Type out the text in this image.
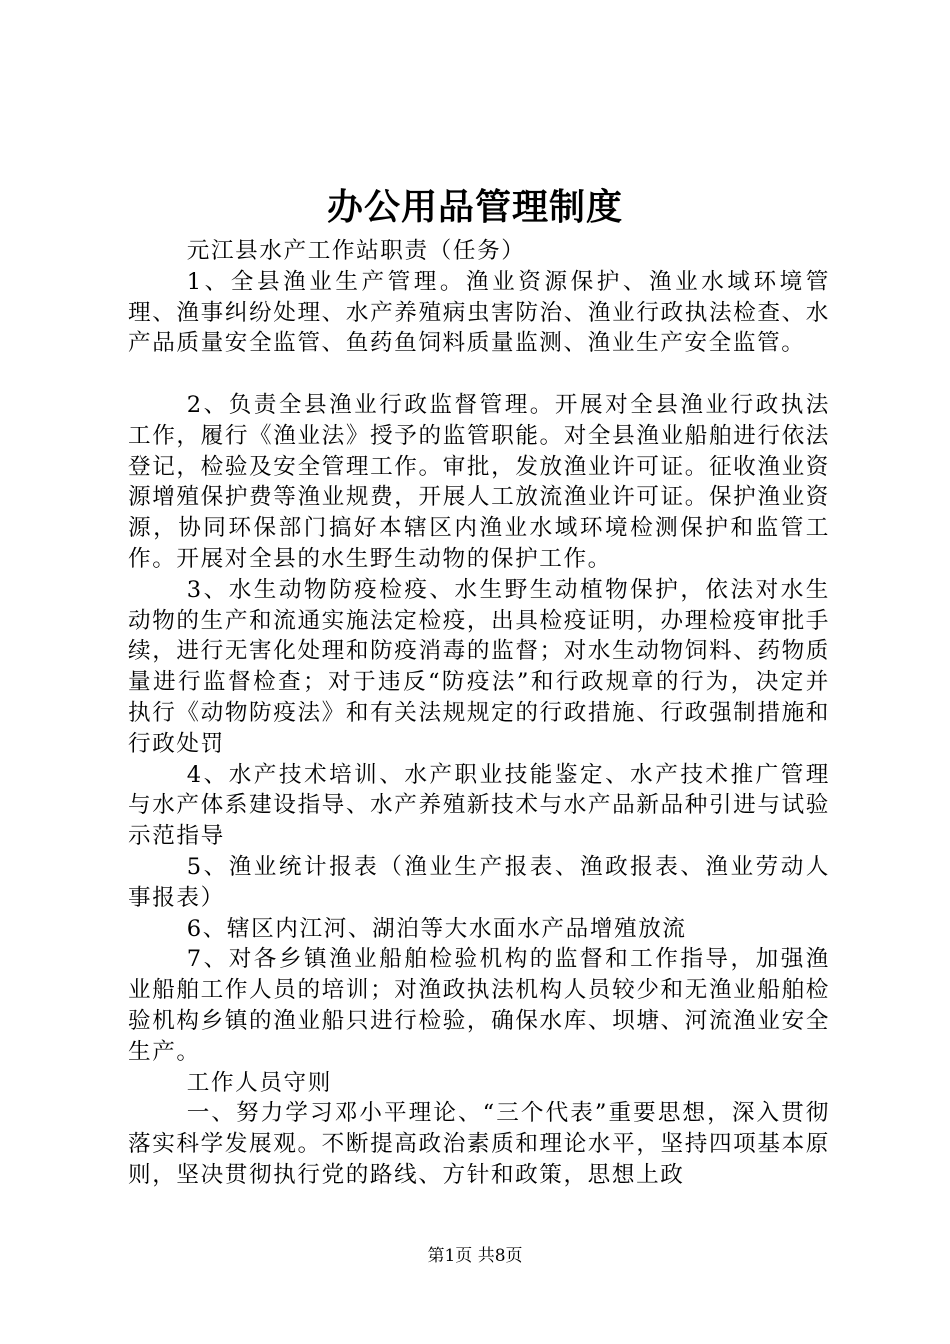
办公用品管理制度

元江县水产工作站职责（任务）

1、全县渔业生产管理。渔业资源保护、渔业水域环境管理、渔事纠纷处理、水产养殖病虫害防治、渔业行政执法检查、水产品质量安全监管、鱼药鱼饲料质量监测、渔业生产安全监管。

2、负责全县渔业行政监督管理。开展对全县渔业行政执法工作，履行《渔业法》授予的监管职能。对全县渔业船舶进行依法登记，检验及安全管理工作。审批，发放渔业许可证。征收渔业资源增殖保护费等渔业规费，开展人工放流渔业许可证。保护渔业资源，协同环保部门搞好本辖区内渔业水域环境检测保护和监管工作。开展对全县的水生野生动物的保护工作。

3、水生动物防疫检疫、水生野生动植物保护，依法对水生动物的生产和流通实施法定检疫，出具检疫证明，办理检疫审批手续，进行无害化处理和防疫消毒的监督；对水生动物饲料、药物质量进行监督检查；对于违反“防疫法”和行政规章的行为，决定并执行《动物防疫法》和有关法规规定的行政措施、行政强制措施和行政处罚

4、水产技术培训、水产职业技能鉴定、水产技术推广管理与水产体系建设指导、水产养殖新技术与水产品新品种引进与试验示范指导

5、渔业统计报表（渔业生产报表、渔政报表、渔业劳动人事报表）

6、辖区内江河、湖泊等大水面水产品增殖放流

7、对各乡镇渔业船舶检验机构的监督和工作指导，加强渔业船舶工作人员的培训；对渔政执法机构人员较少和无渔业船舶检验机构乡镇的渔业船只进行检验，确保水库、坝塘、河流渔业安全生产。

工作人员守则

一、努力学习邓小平理论、“三个代表”重要思想，深入贯彻落实科学发展观。不断提高政治素质和理论水平，坚持四项基本原则，坚决贯彻执行党的路线、方针和政策，思想上政

第1页 共8页
